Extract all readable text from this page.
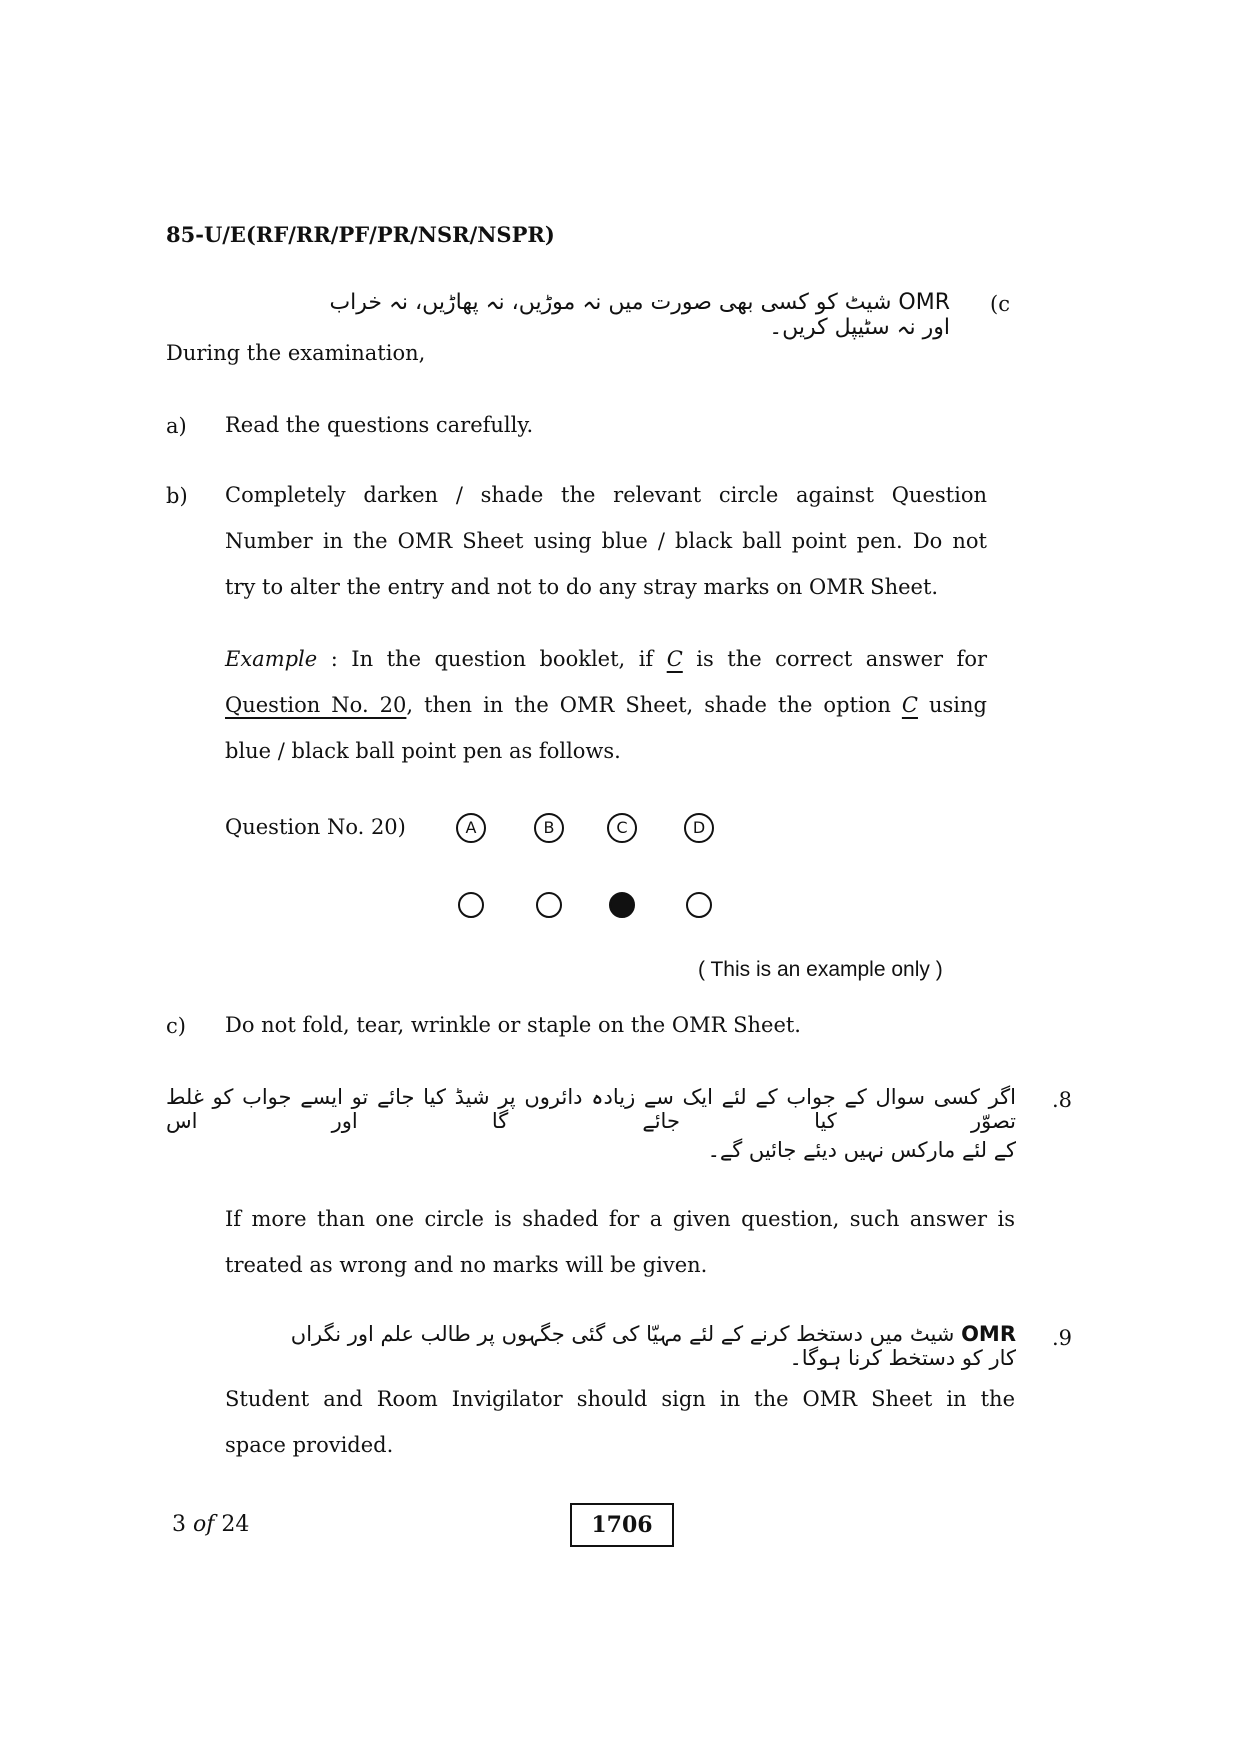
85-U/E(RF/RR/PF/PR/NSR/NSPR)
(c
OMR شیٹ کو کسی بھی صورت میں نہ موڑیں، نہ پھاڑیں، نہ خراب اور نہ سٹیپل کریں۔
During the examination,
a) Read the questions carefully.
b) Completely darken / shade the relevant circle against Question
Number in the OMR Sheet using blue / black ball point pen. Do not
try to alter the entry and not to do any stray marks on OMR Sheet.
Example : In the question booklet, if C is the correct answer for
Question No. 20, then in the OMR Sheet, shade the option C using
blue / black ball point pen as follows.
Question No. 20)	A	B	C	D
( This is an example only )
c) Do not fold, tear, wrinkle or staple on the OMR Sheet.
.8
اگر کسی سوال کے جواب کے لئے ایک سے زیادہ دائروں پر شیڈ کیا جائے تو ایسے جواب کو غلط تصوّر کیا جائے گا اور اس
کے لئے مارکس نہیں دیئے جائیں گے۔
If more than one circle is shaded for a given question, such answer is
treated as wrong and no marks will be given.
.9
OMR شیٹ میں دستخط کرنے کے لئے مہیّا کی گئی جگہوں پر طالب علم اور نگراں کار کو دستخط کرنا ہوگا۔
Student and Room Invigilator should sign in the OMR Sheet in the
space provided.
3 of 24	1706
